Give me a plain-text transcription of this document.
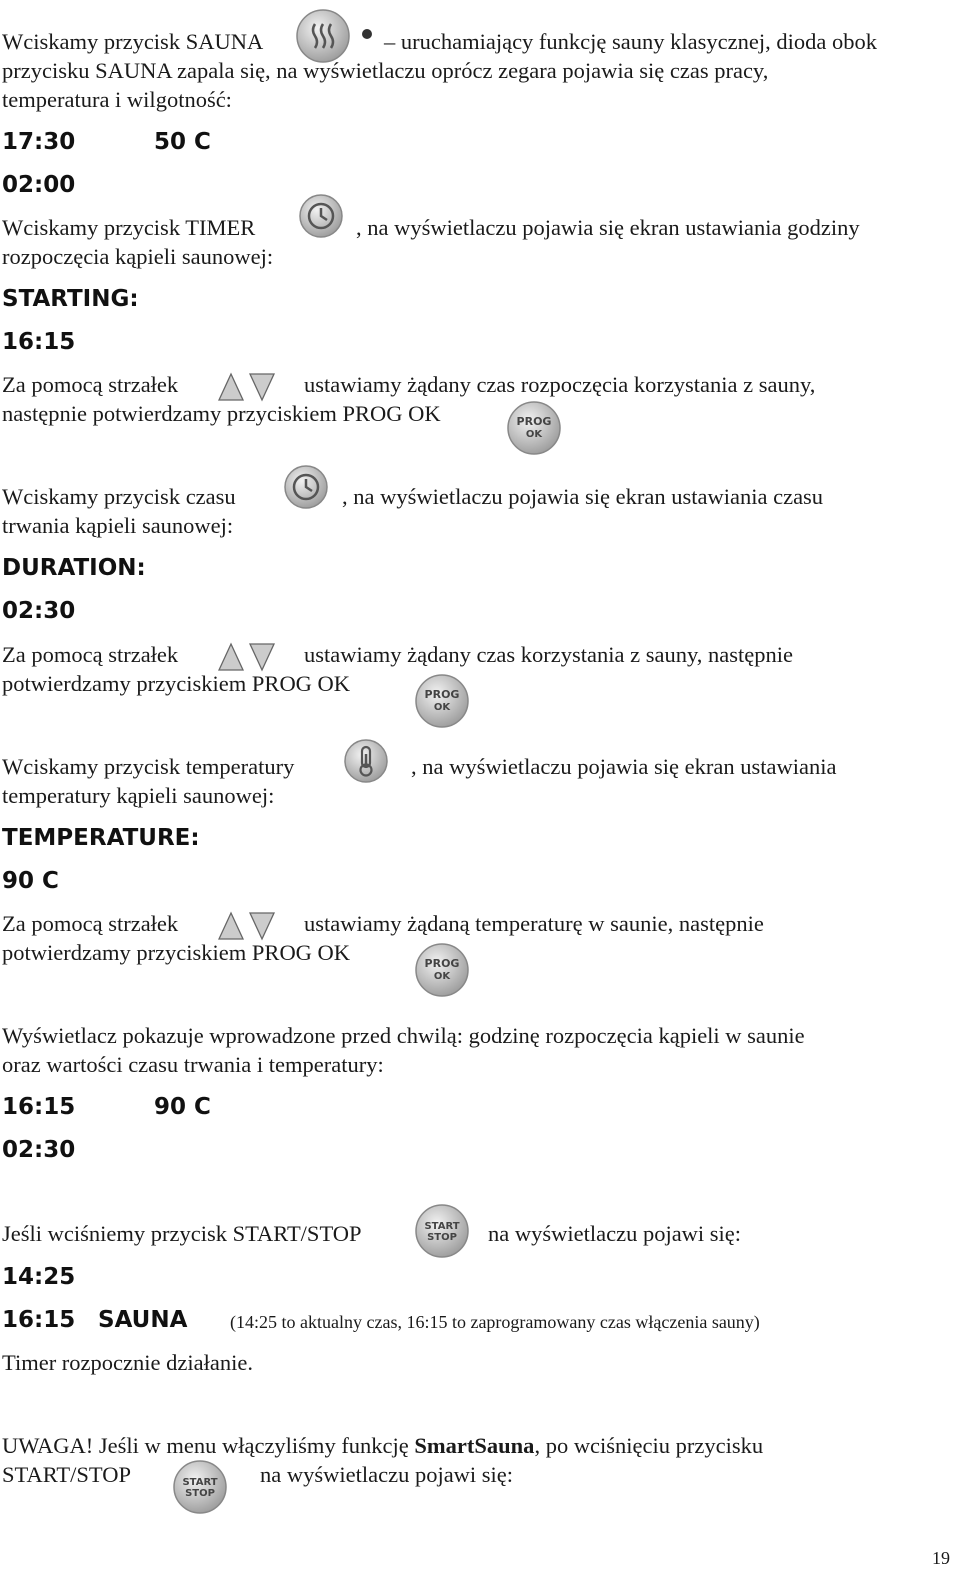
Wciskamy przycisk SAUNA	– uruchamiający funkcję sauny klasycznej, dioda obok
przycisku SAUNA zapala się, na wyświetlaczu oprócz zegara pojawia się czas pracy,
temperatura i wilgotność:
17:30	50 C
02:00
Wciskamy przycisk TIMER	, na wyświetlaczu pojawia się ekran ustawiania godziny
rozpoczęcia kąpieli saunowej:
STARTING:
16:15
Za pomocą strzałek	ustawiamy żądany czas rozpoczęcia korzystania z sauny,
następnie potwierdzamy przyciskiem PROG OK	PROG
OK
Wciskamy przycisk czasu	, na wyświetlaczu pojawia się ekran ustawiania czasu
trwania kąpieli saunowej:
DURATION:
02:30
Za pomocą strzałek	ustawiamy żądany czas korzystania z sauny, następnie
potwierdzamy przyciskiem PROG OK	PROG
OK
Wciskamy przycisk temperatury	, na wyświetlaczu pojawia się ekran ustawiania
temperatury kąpieli saunowej:
TEMPERATURE:
90 C
Za pomocą strzałek	ustawiamy żądaną temperaturę w saunie, następnie
potwierdzamy przyciskiem PROG OK	PROG
OK
Wyświetlacz pokazuje wprowadzone przed chwilą: godzinę rozpoczęcia kąpieli w saunie
oraz wartości czasu trwania i temperatury:
16:15	90 C
02:30
Jeśli wciśniemy przycisk START/STOP	START
STOP na wyświetlaczu pojawi się:
14:25
16:15 SAUNA (14:25 to aktualny czas, 16:15 to zaprogramowany czas włączenia sauny)
Timer rozpocznie działanie.
UWAGA! Jeśli w menu włączyliśmy funkcję SmartSauna, po wciśnięciu przycisku
START/STOP	START
STOP
na wyświetlaczu pojawi się:
19
